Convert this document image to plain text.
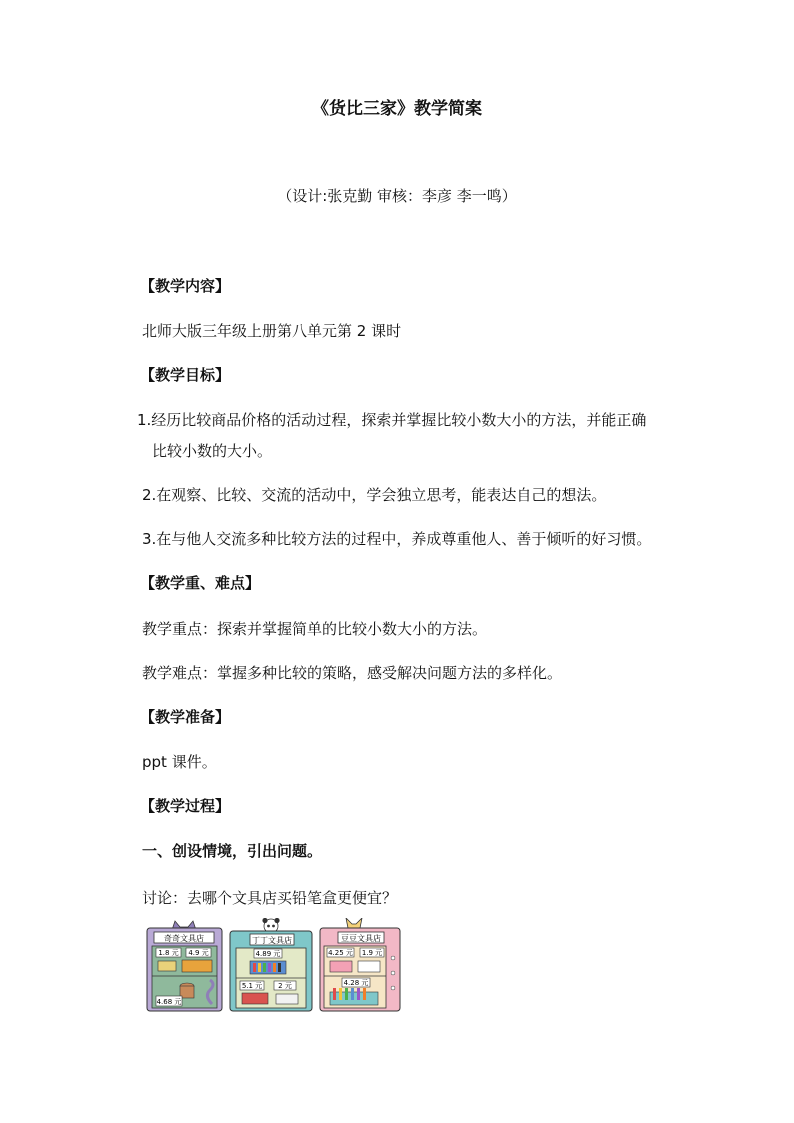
《货比三家》教学简案
（设计:张克勤 审核：李彦 李一鸣）
【教学内容】
北师大版三年级上册第八单元第 2 课时
【教学目标】
1.经历比较商品价格的活动过程，探索并掌握比较小数大小的方法，并能正确
比较小数的大小。
2.在观察、比较、交流的活动中，学会独立思考，能表达自己的想法。
3.在与他人交流多种比较方法的过程中，养成尊重他人、善于倾听的好习惯。
【教学重、难点】
教学重点：探索并掌握简单的比较小数大小的方法。
教学难点：掌握多种比较的策略，感受解决问题方法的多样化。
【教学准备】
ppt 课件。
【教学过程】
一、创设情境，引出问题。
讨论：去哪个文具店买铅笔盒更便宜？
奇奇文具店
1.8 元 4.9 元
4.68 元
丁丁文具店
4.89 元
5.1 元 2 元
豆豆文具店
4.25 元 1.9 元
4.28 元
